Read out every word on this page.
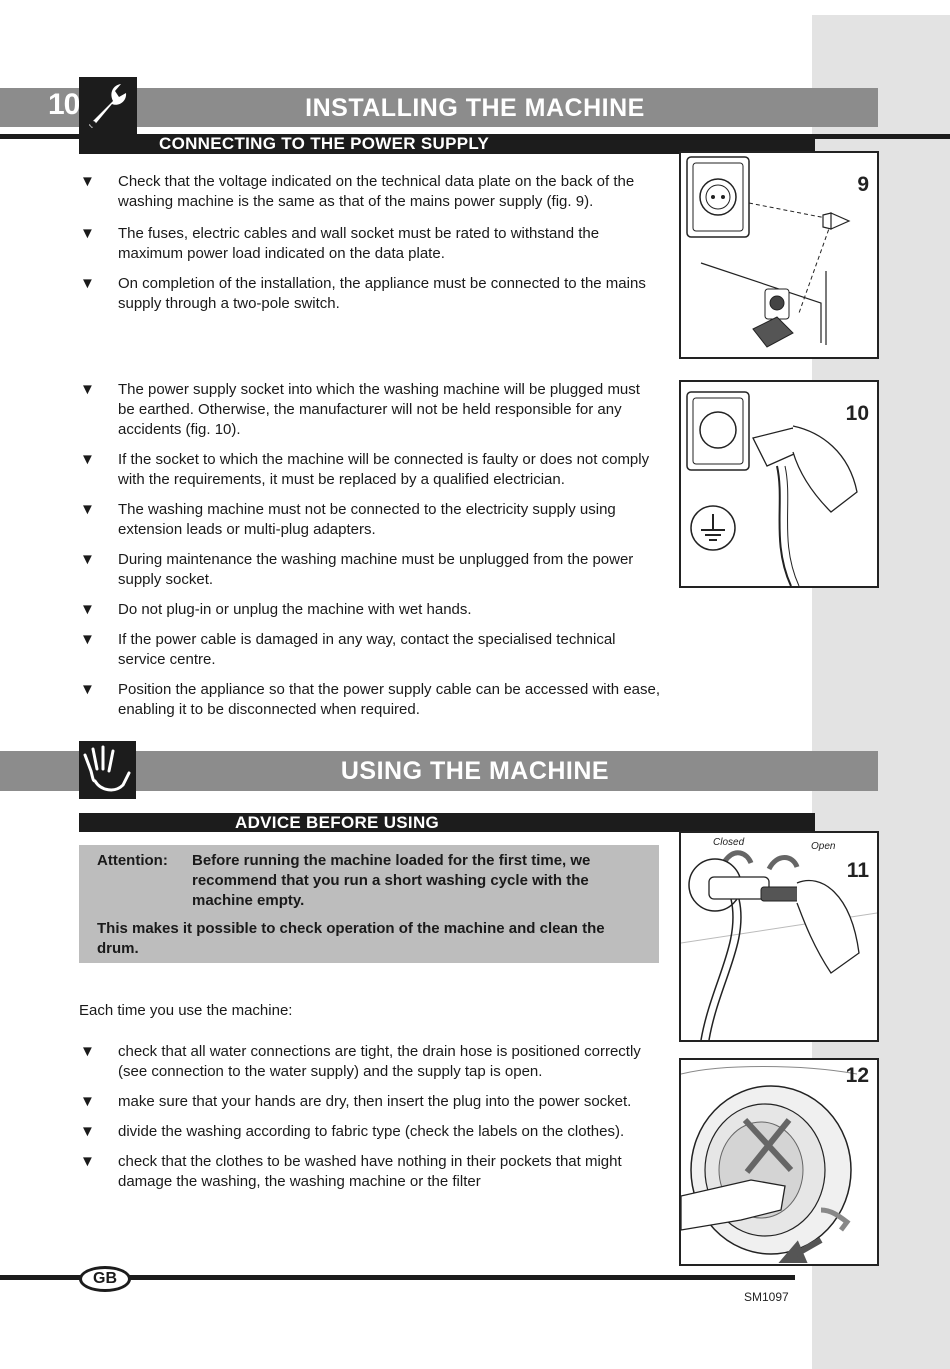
10	INSTALLING THE MACHINE
CONNECTING TO THE POWER SUPPLY
▼ Check that the voltage indicated on the technical data plate on the back of the washing machine is the same as that of the mains power supply (fig. 9).
▼ The fuses, electric cables and wall socket must be rated to withstand the maximum power load indicated on the data plate.
▼ On completion of the installation, the appliance must be connected to the mains supply through a two-pole switch.
▼ The power supply socket into which the washing machine will be plugged must be earthed. Otherwise, the manufacturer will not be held responsible for any accidents (fig. 10).
▼ If the socket to which the machine will be connected is faulty or does not comply with the requirements, it must be replaced by a qualified electrician.
▼ The washing machine must not be connected to the electricity supply using extension leads or multi-plug adapters.
▼ During maintenance the washing machine must be unplugged from the power supply socket.
▼ Do not plug-in or unplug the machine with wet hands.
▼ If the power cable is damaged in any way, contact the specialised technical service centre.
▼ Position the appliance so that the power supply cable can be accessed with ease, enabling it to be disconnected when required.
9
10
USING THE MACHINE
ADVICE BEFORE USING
Attention:	Before running the machine loaded for the first time, we recommend that you run a short washing cycle with the machine empty.
This makes it possible to check operation of the machine and clean the drum.
Each time you use the machine:
▼ check that all water connections are tight, the drain hose is positioned correctly (see connection to the water supply) and the supply tap is open.
▼ make sure that your hands are dry, then insert the plug into the power socket.
▼ divide the washing according to fabric type (check the labels on the clothes).
▼ check that the clothes to be washed have nothing in their pockets that might damage the washing, the washing machine or the filter
Closed	Open
11
12
GB
SM1097
